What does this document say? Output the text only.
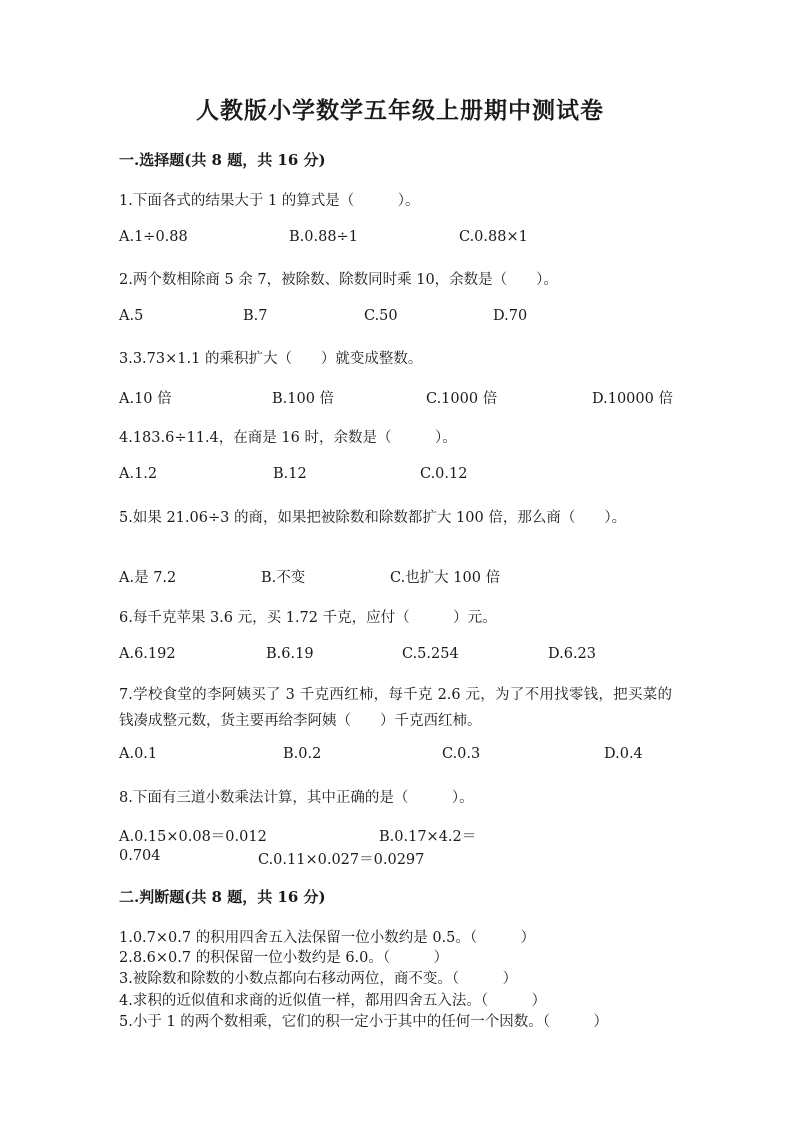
人教版小学数学五年级上册期中测试卷
一.选择题(共 8 题，共 16 分)
1.下面各式的结果大于 1 的算式是（　　　）。
A.1÷0.88	B.0.88÷1	C.0.88×1
2.两个数相除商 5 余 7，被除数、除数同时乘 10，余数是（　　）。
A.5	B.7	C.50	D.70
3.3.73×1.1 的乘积扩大（　　）就变成整数。
A.10 倍	B.100 倍	C.1000 倍	D.10000 倍
4.183.6÷11.4，在商是 16 时，余数是（　　　）。
A.1.2	B.12	C.0.12
5.如果 21.06÷3 的商，如果把被除数和除数都扩大 100 倍，那么商（　　）。
A.是 7.2	B.不变	C.也扩大 100 倍
6.每千克苹果 3.6 元，买 1.72 千克，应付（　　　）元。
A.6.192	B.6.19	C.5.254	D.6.23
7.学校食堂的李阿姨买了 3 千克西红柿，每千克 2.6 元，为了不用找零钱，把买菜的钱凑成整元数，货主要再给李阿姨（　　）千克西红柿。
A.0.1	B.0.2	C.0.3	D.0.4
8.下面有三道小数乘法计算，其中正确的是（　　　）。
A.0.15×0.08＝0.012	B.0.17×4.2＝
0.704	C.0.11×0.027＝0.0297
二.判断题(共 8 题，共 16 分)
1.0.7×0.7 的积用四舍五入法保留一位小数约是 0.5。（　　　）
2.8.6×0.7 的积保留一位小数约是 6.0。（　　　）
3.被除数和除数的小数点都向右移动两位，商不变。（　　　）
4.求积的近似值和求商的近似值一样，都用四舍五入法。（　　　）
5.小于 1 的两个数相乘，它们的积一定小于其中的任何一个因数。（　　　）
